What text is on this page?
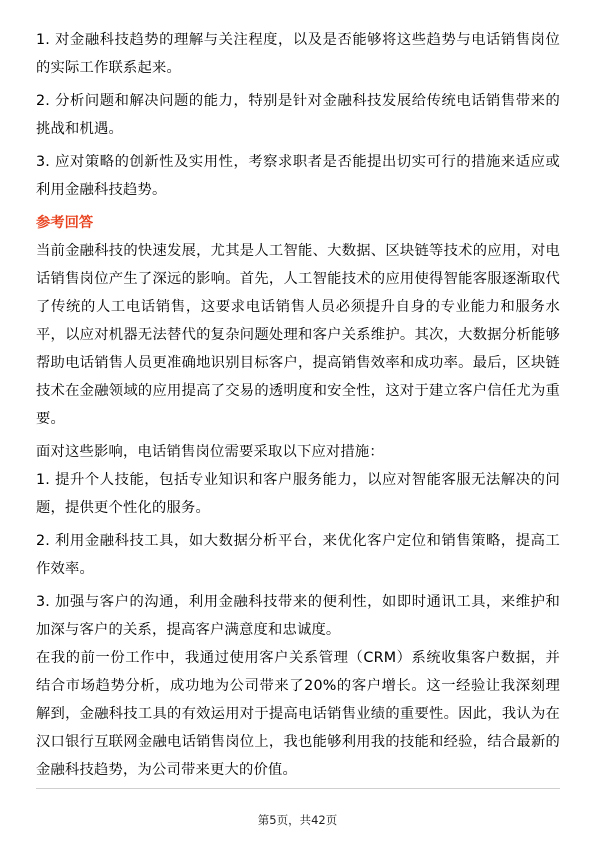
1. 对金融科技趋势的理解与关注程度，以及是否能够将这些趋势与电话销售岗位的实际工作联系起来。

2. 分析问题和解决问题的能力，特别是针对金融科技发展给传统电话销售带来的挑战和机遇。

3. 应对策略的创新性及实用性，考察求职者是否能提出切实可行的措施来适应或利用金融科技趋势。

参考回答

当前金融科技的快速发展，尤其是人工智能、大数据、区块链等技术的应用，对电话销售岗位产生了深远的影响。首先，人工智能技术的应用使得智能客服逐渐取代了传统的人工电话销售，这要求电话销售人员必须提升自身的专业能力和服务水平，以应对机器无法替代的复杂问题处理和客户关系维护。其次，大数据分析能够帮助电话销售人员更准确地识别目标客户，提高销售效率和成功率。最后，区块链技术在金融领域的应用提高了交易的透明度和安全性，这对于建立客户信任尤为重要。

面对这些影响，电话销售岗位需要采取以下应对措施：

1. 提升个人技能，包括专业知识和客户服务能力，以应对智能客服无法解决的问题，提供更个性化的服务。

2. 利用金融科技工具，如大数据分析平台，来优化客户定位和销售策略，提高工作效率。

3. 加强与客户的沟通，利用金融科技带来的便利性，如即时通讯工具，来维护和加深与客户的关系，提高客户满意度和忠诚度。

在我的前一份工作中，我通过使用客户关系管理（CRM）系统收集客户数据，并结合市场趋势分析，成功地为公司带来了20%的客户增长。这一经验让我深刻理解到，金融科技工具的有效运用对于提高电话销售业绩的重要性。因此，我认为在汉口银行互联网金融电话销售岗位上，我也能够利用我的技能和经验，结合最新的金融科技趋势，为公司带来更大的价值。

第5页，共42页
